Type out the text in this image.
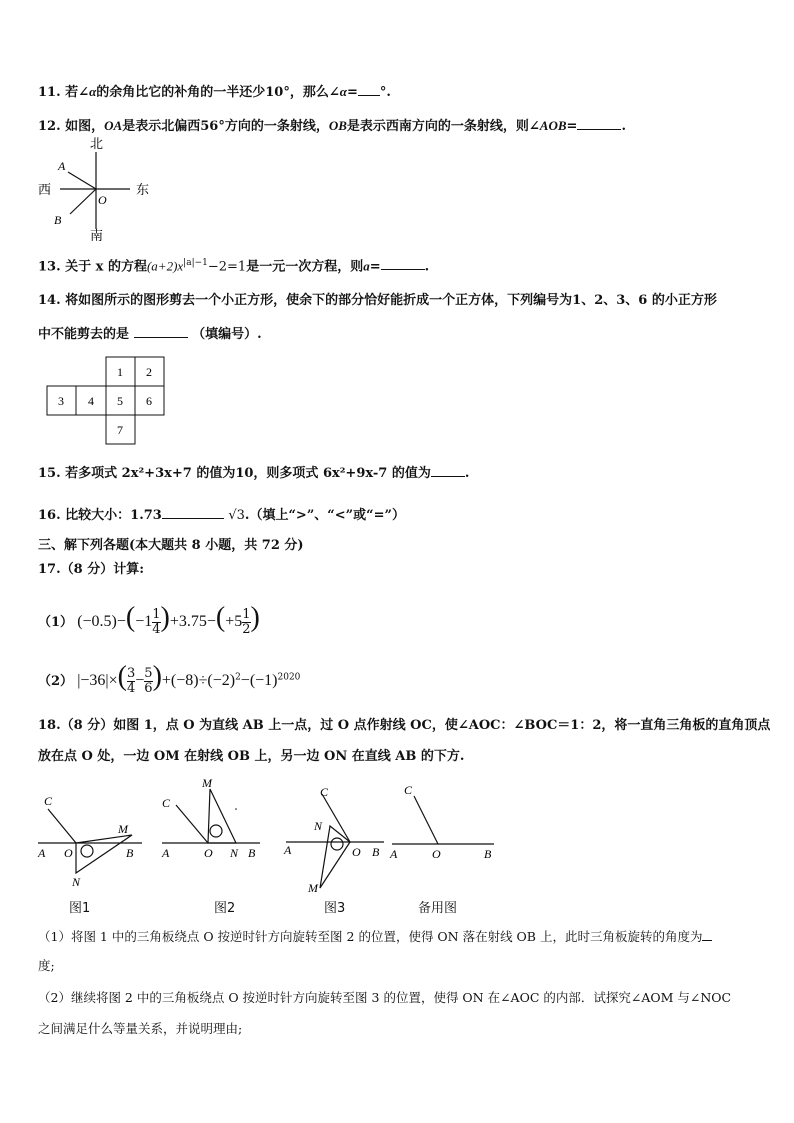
11. 若∠α的余角比它的补角的一半还少10°，那么∠α= °.
12. 如图，OA是表示北偏西56°方向的一条射线，OB是表示西南方向的一条射线，则∠AOB=	.
北
南
西	东
A
B
O
13. 关于 x 的方程$(a+2)x^{|a|-1}-2=1$是一元一次方程，则a=	.
14. 将如图所示的图形剪去一个小正方形，使余下的部分恰好能折成一个正方体，下列编号为1、2、3、6 的小正方形
中不能剪去的是	（填编号）.
1 2
3 4 5 6
7
15. 若多项式 2x²+3x+7 的值为10，则多项式 6x²+9x-7 的值为	.
16. 比较大小：1.73	√3.（填上“>”、“<”或“=”）
三、解下列各题(本大题共 8 小题，共 72 分)
17.（8 分）计算:
（1） $(-0.5)-(-1 \frac{1}{4} )+3.75-(+5 \frac{1}{2}$ )
（2） $|-36|\times( \frac{3}{4} - \frac{5}{6} )+(-8)\div(-2)^2-(-1)^{2020}$
18.（8 分）如图 1，点 O 为直线 AB 上一点，过 O 点作射线 OC，使∠AOC：∠BOC＝1：2，将一直角三角板的直角顶点
放在点 O 处，一边 OM 在射线 OB 上，另一边 ON 在直线 AB 的下方.
C
A O
M
B
N
图1
C
M
A	O N B
图2
C
N
A	O B
M
图3
C
A	O	B
备用图
（1）将图 1 中的三角板绕点 O 按逆时针方向旋转至图 2 的位置，使得 ON 落在射线 OB 上，此时三角板旋转的角度为
度;
（2）继续将图 2 中的三角板绕点 O 按逆时针方向旋转至图 3 的位置，使得 ON 在∠AOC 的内部．试探究∠AOM 与∠NOC
之间满足什么等量关系，并说明理由;
